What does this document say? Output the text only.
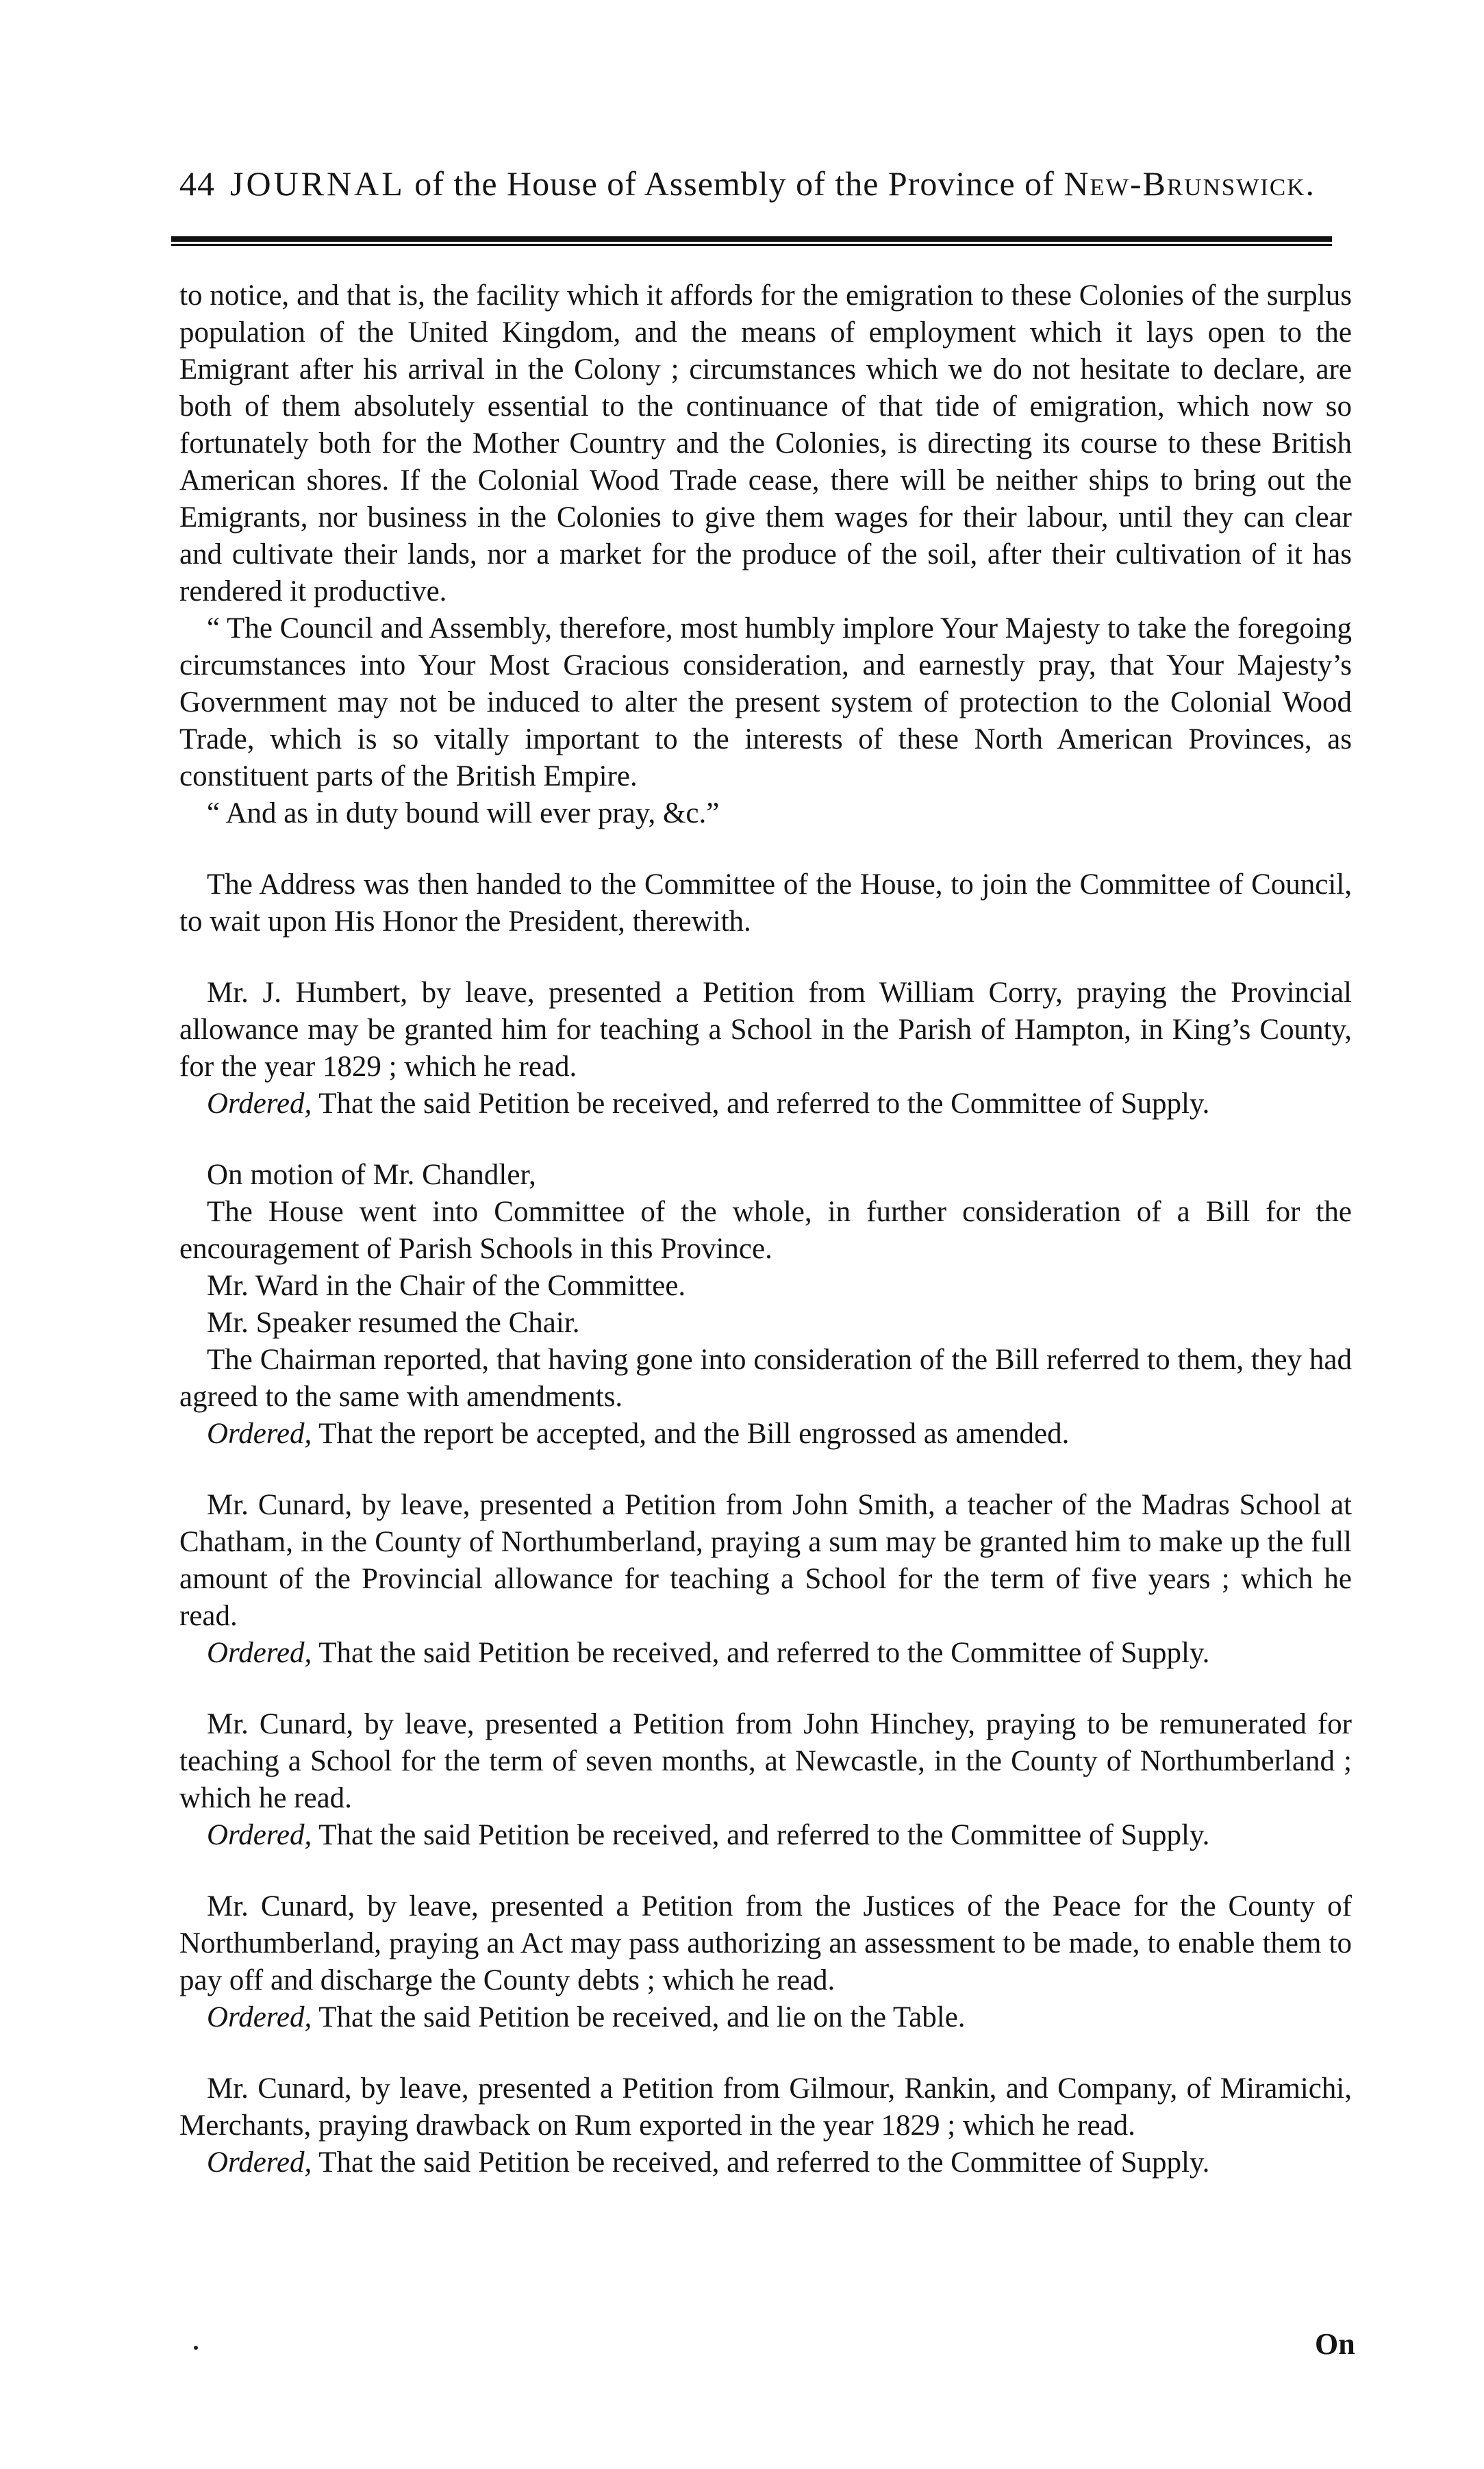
44 JOURNAL of the House of Assembly of the Province of New-Brunswick.

to notice, and that is, the facility which it affords for the emigration to these Colonies of the surplus population of the United Kingdom, and the means of employment which it lays open to the Emigrant after his arrival in the Colony ; circumstances which we do not hesitate to declare, are both of them absolutely essential to the continuance of that tide of emigration, which now so fortunately both for the Mother Country and the Colonies, is directing its course to these British American shores. If the Colonial Wood Trade cease, there will be neither ships to bring out the Emigrants, nor business in the Colonies to give them wages for their labour, until they can clear and cultivate their lands, nor a market for the produce of the soil, after their cultivation of it has rendered it productive.

“ The Council and Assembly, therefore, most humbly implore Your Majesty to take the foregoing circumstances into Your Most Gracious consideration, and earnestly pray, that Your Majesty’s Government may not be induced to alter the present system of protection to the Colonial Wood Trade, which is so vitally important to the interests of these North American Provinces, as constituent parts of the British Empire.

“ And as in duty bound will ever pray, &c.”

The Address was then handed to the Committee of the House, to join the Committee of Council, to wait upon His Honor the President, therewith.

Mr. J. Humbert, by leave, presented a Petition from William Corry, praying the Provincial allowance may be granted him for teaching a School in the Parish of Hampton, in King’s County, for the year 1829 ; which he read.

Ordered, That the said Petition be received, and referred to the Committee of Supply.

On motion of Mr. Chandler,

The House went into Committee of the whole, in further consideration of a Bill for the encouragement of Parish Schools in this Province.

Mr. Ward in the Chair of the Committee.

Mr. Speaker resumed the Chair.

The Chairman reported, that having gone into consideration of the Bill referred to them, they had agreed to the same with amendments.

Ordered, That the report be accepted, and the Bill engrossed as amended.

Mr. Cunard, by leave, presented a Petition from John Smith, a teacher of the Madras School at Chatham, in the County of Northumberland, praying a sum may be granted him to make up the full amount of the Provincial allowance for teaching a School for the term of five years ; which he read.

Ordered, That the said Petition be received, and referred to the Committee of Supply.

Mr. Cunard, by leave, presented a Petition from John Hinchey, praying to be remunerated for teaching a School for the term of seven months, at Newcastle, in the County of Northumberland ; which he read.

Ordered, That the said Petition be received, and referred to the Committee of Supply.

Mr. Cunard, by leave, presented a Petition from the Justices of the Peace for the County of Northumberland, praying an Act may pass authorizing an assessment to be made, to enable them to pay off and discharge the County debts ; which he read.

Ordered, That the said Petition be received, and lie on the Table.

Mr. Cunard, by leave, presented a Petition from Gilmour, Rankin, and Company, of Miramichi, Merchants, praying drawback on Rum exported in the year 1829 ; which he read.

Ordered, That the said Petition be received, and referred to the Committee of Supply.

On
